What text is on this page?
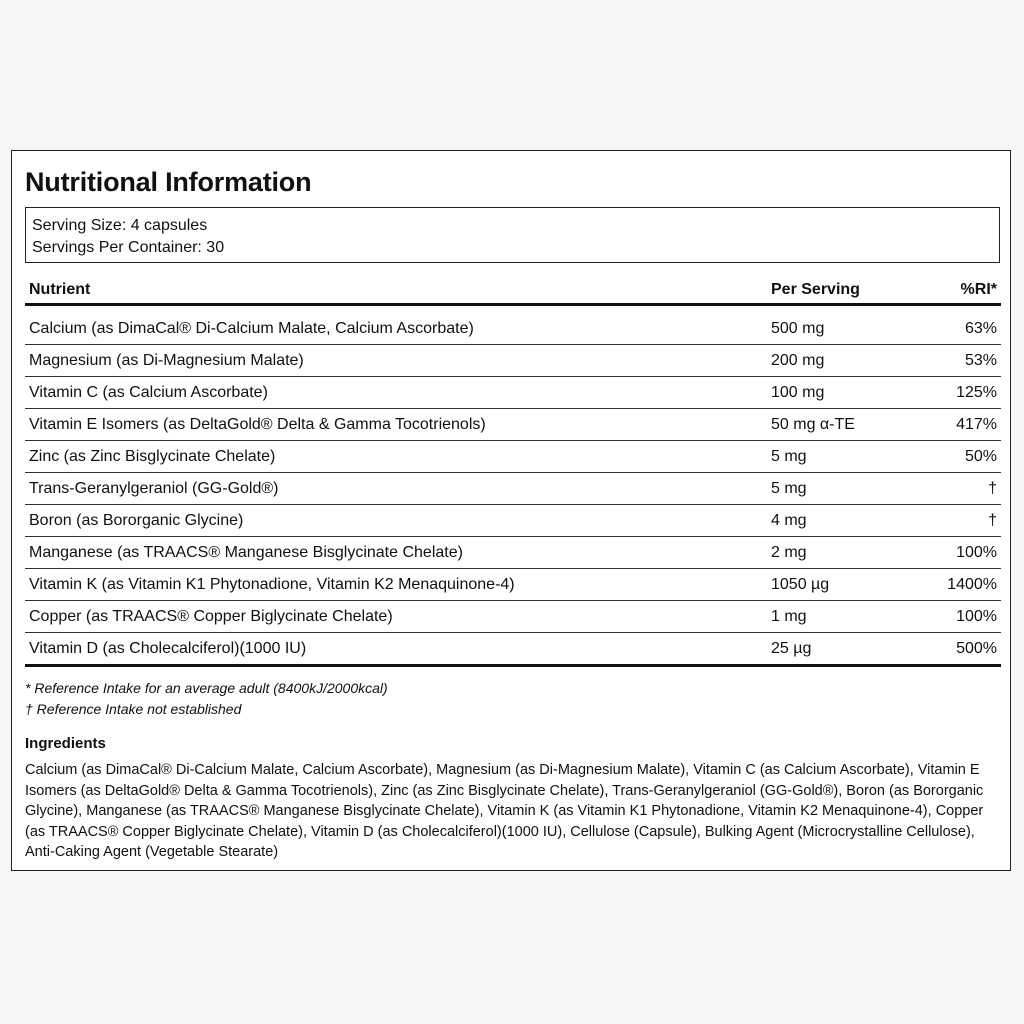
Nutritional Information
Serving Size: 4 capsules
Servings Per Container: 30
Nutrient	Per Serving	%RI*
Calcium (as DimaCal® Di-Calcium Malate, Calcium Ascorbate)	500 mg	63%
Magnesium (as Di-Magnesium Malate)	200 mg	53%
Vitamin C (as Calcium Ascorbate)	100 mg	125%
Vitamin E Isomers (as DeltaGold® Delta & Gamma Tocotrienols)	50 mg α-TE	417%
Zinc (as Zinc Bisglycinate Chelate)	5 mg	50%
Trans-Geranylgeraniol (GG-Gold®)	5 mg	†
Boron (as Bororganic Glycine)	4 mg	†
Manganese (as TRAACS® Manganese Bisglycinate Chelate)	2 mg	100%
Vitamin K (as Vitamin K1 Phytonadione, Vitamin K2 Menaquinone-4)	1050 µg	1400%
Copper (as TRAACS® Copper Biglycinate Chelate)	1 mg	100%
Vitamin D (as Cholecalciferol)(1000 IU)	25 µg	500%
* Reference Intake for an average adult (8400kJ/2000kcal)
† Reference Intake not established
Ingredients
Calcium (as DimaCal® Di-Calcium Malate, Calcium Ascorbate), Magnesium (as Di-Magnesium Malate), Vitamin C (as Calcium Ascorbate), Vitamin E Isomers (as DeltaGold® Delta & Gamma Tocotrienols), Zinc (as Zinc Bisglycinate Chelate), Trans-Geranylgeraniol (GG-Gold®), Boron (as Bororganic Glycine), Manganese (as TRAACS® Manganese Bisglycinate Chelate), Vitamin K (as Vitamin K1 Phytonadione, Vitamin K2 Menaquinone-4), Copper (as TRAACS® Copper Biglycinate Chelate), Vitamin D (as Cholecalciferol)(1000 IU), Cellulose (Capsule), Bulking Agent (Microcrystalline Cellulose), Anti-Caking Agent (Vegetable Stearate)
